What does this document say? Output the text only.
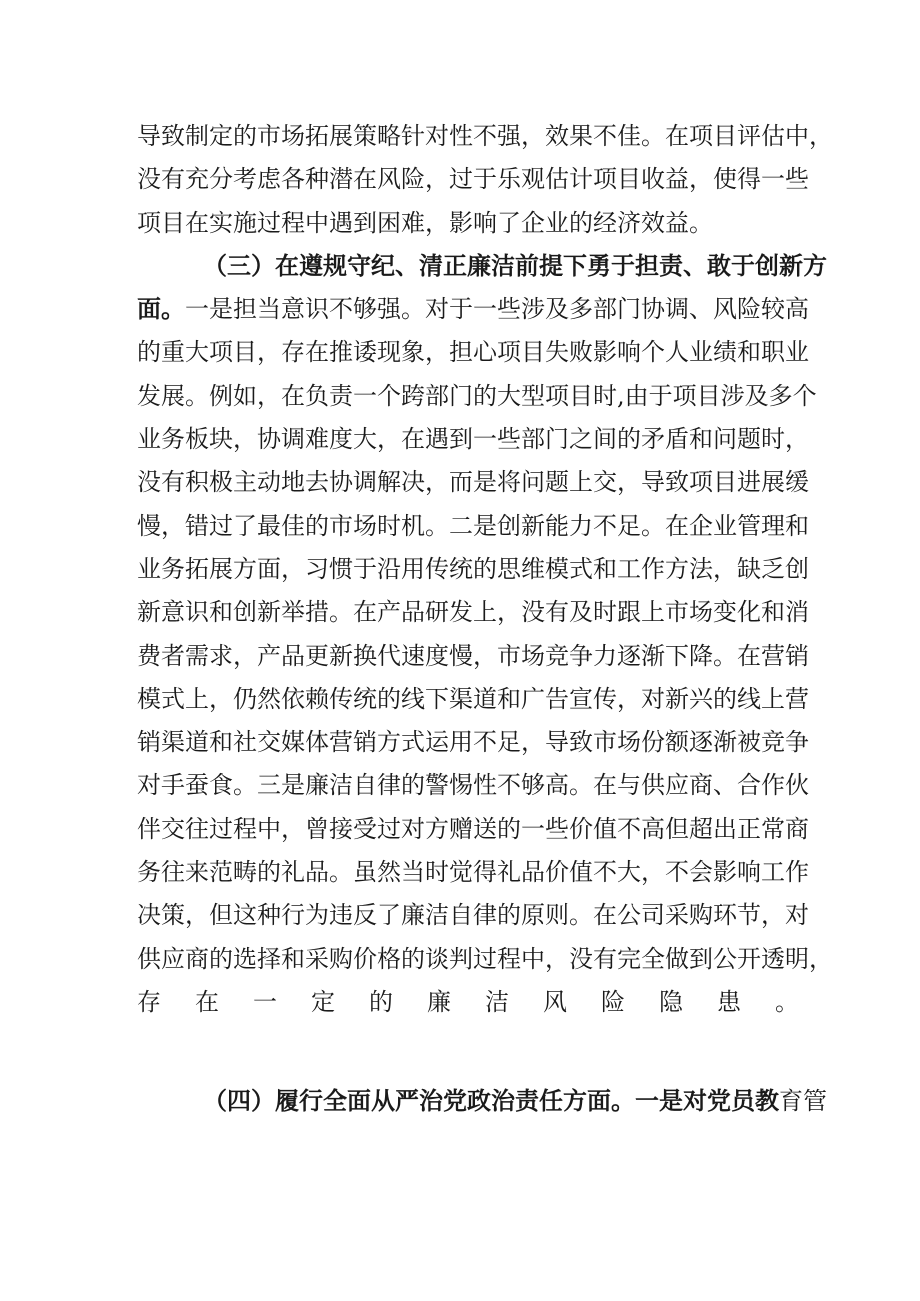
导致制定的市场拓展策略针对性不强，效果不佳。在项目评估中，
没有充分考虑各种潜在风险，过于乐观估计项目收益，使得一些
项目在实施过程中遇到困难，影响了企业的经济效益。
（三）在遵规守纪、清正廉洁前提下勇于担责、敢于创新方
面。一是担当意识不够强。对于一些涉及多部门协调、风险较高
的重大项目，存在推诿现象，担心项目失败影响个人业绩和职业
发展。例如，在负责一个跨部门的大型项目时,由于项目涉及多个
业务板块，协调难度大，在遇到一些部门之间的矛盾和问题时，
没有积极主动地去协调解决，而是将问题上交，导致项目进展缓
慢，错过了最佳的市场时机。二是创新能力不足。在企业管理和
业务拓展方面，习惯于沿用传统的思维模式和工作方法，缺乏创
新意识和创新举措。在产品研发上，没有及时跟上市场变化和消
费者需求，产品更新换代速度慢，市场竞争力逐渐下降。在营销
模式上，仍然依赖传统的线下渠道和广告宣传，对新兴的线上营
销渠道和社交媒体营销方式运用不足，导致市场份额逐渐被竞争
对手蚕食。三是廉洁自律的警惕性不够高。在与供应商、合作伙
伴交往过程中，曾接受过对方赠送的一些价值不高但超出正常商
务往来范畴的礼品。虽然当时觉得礼品价值不大，不会影响工作
决策，但这种行为违反了廉洁自律的原则。在公司采购环节，对
供应商的选择和采购价格的谈判过程中，没有完全做到公开透明，
存在一定的廉洁风险隐患。
（四）履行全面从严治党政治责任方面。一是对党员教育管
